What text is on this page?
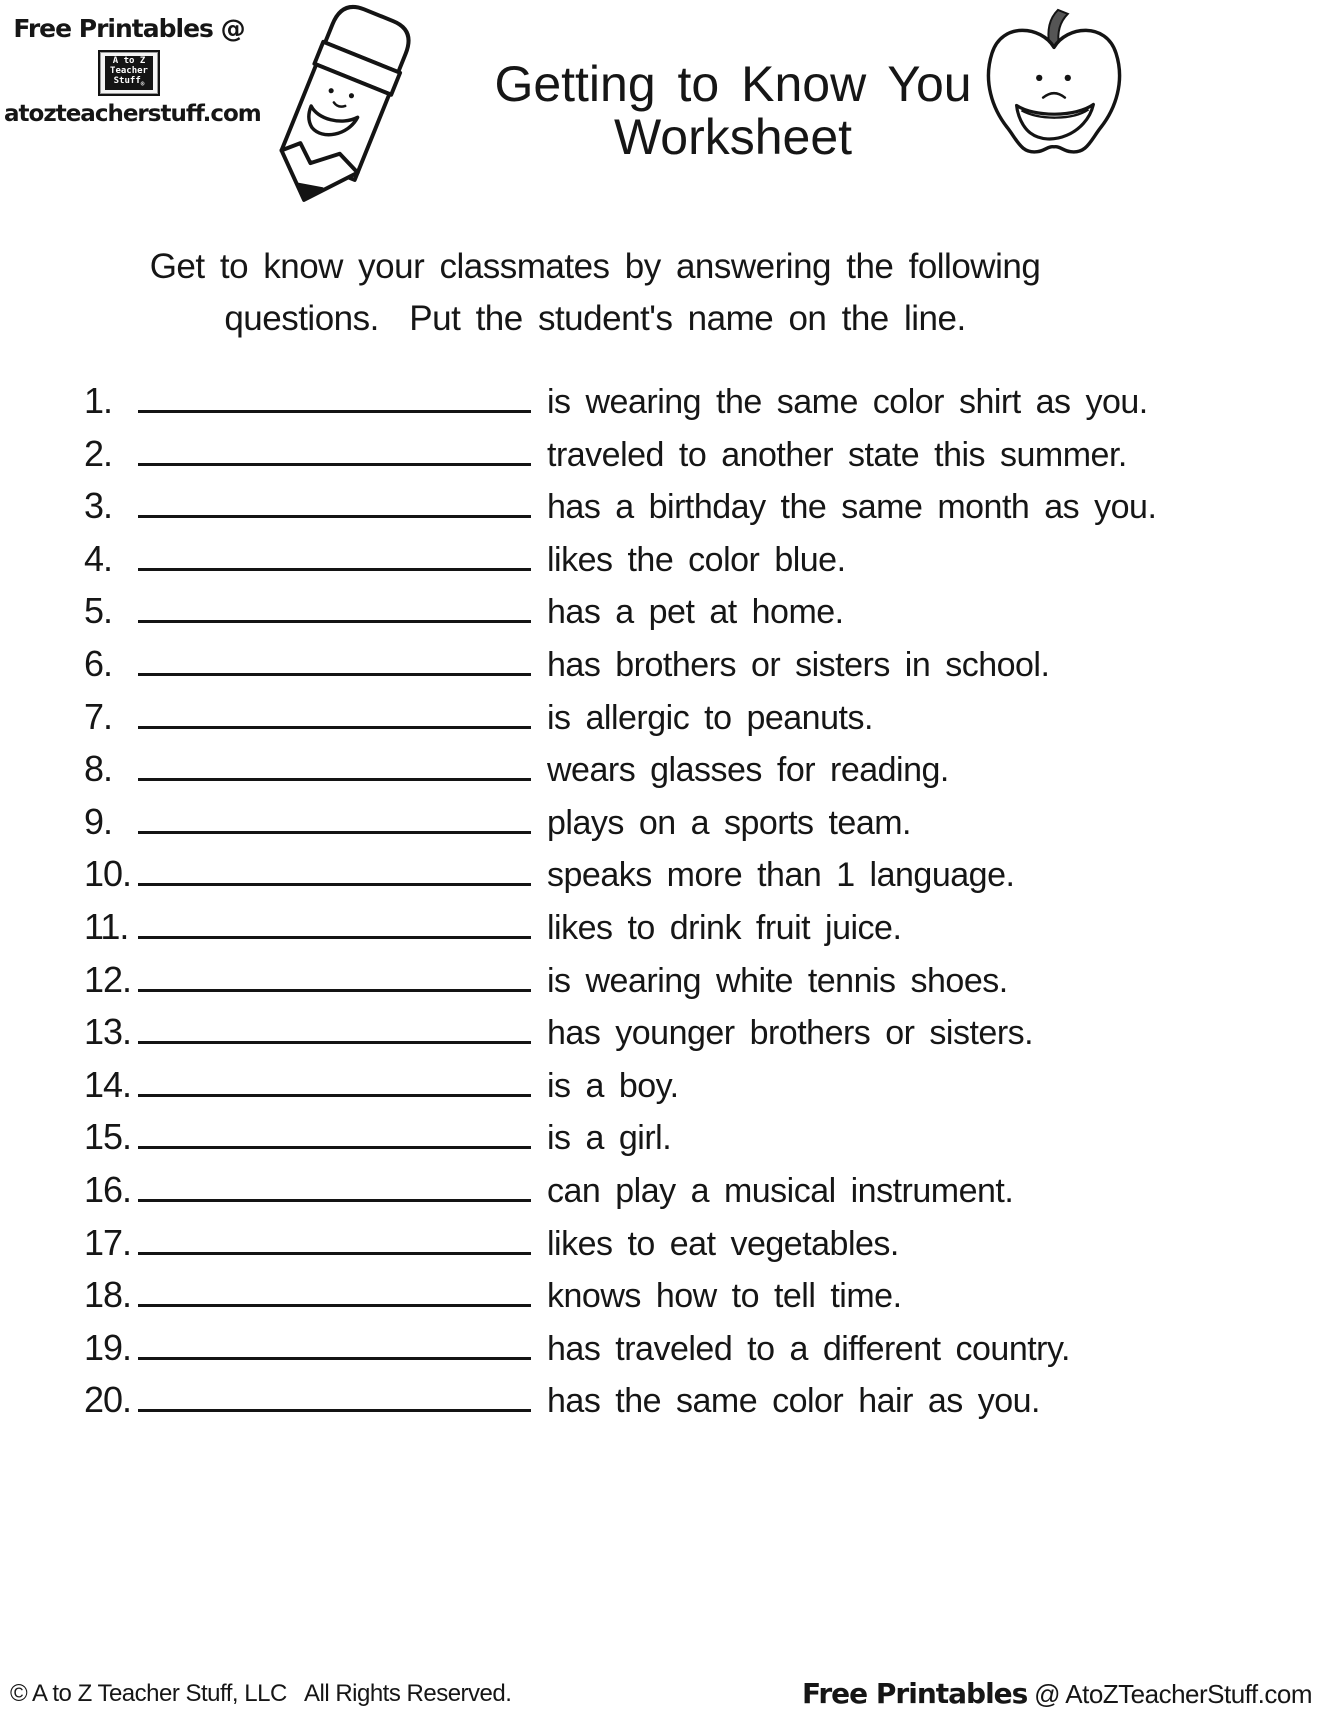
Free Printables @
A to Z
Teacher
Stuff$_®$
atozteacherstuff.com
Getting to Know You
Worksheet
Get to know your classmates by answering the following
questions.  Put the student's name on the line.
1.	is wearing the same color shirt as you.
2.	traveled to another state this summer.
3.	has a birthday the same month as you.
4.	likes the color blue.
5.	has a pet at home.
6.	has brothers or sisters in school.
7.	is allergic to peanuts.
8.	wears glasses for reading.
9.	plays on a sports team.
10.	speaks more than 1 language.
11.	likes to drink fruit juice.
12.	is wearing white tennis shoes.
13.	has younger brothers or sisters.
14.	is a boy.
15.	is a girl.
16.	can play a musical instrument.
17.	likes to eat vegetables.
18.	knows how to tell time.
19.	has traveled to a different country.
20.	has the same color hair as you.
© A to Z Teacher Stuff, LLC   All Rights Reserved.	Free Printables @ AtoZTeacherStuff.com
